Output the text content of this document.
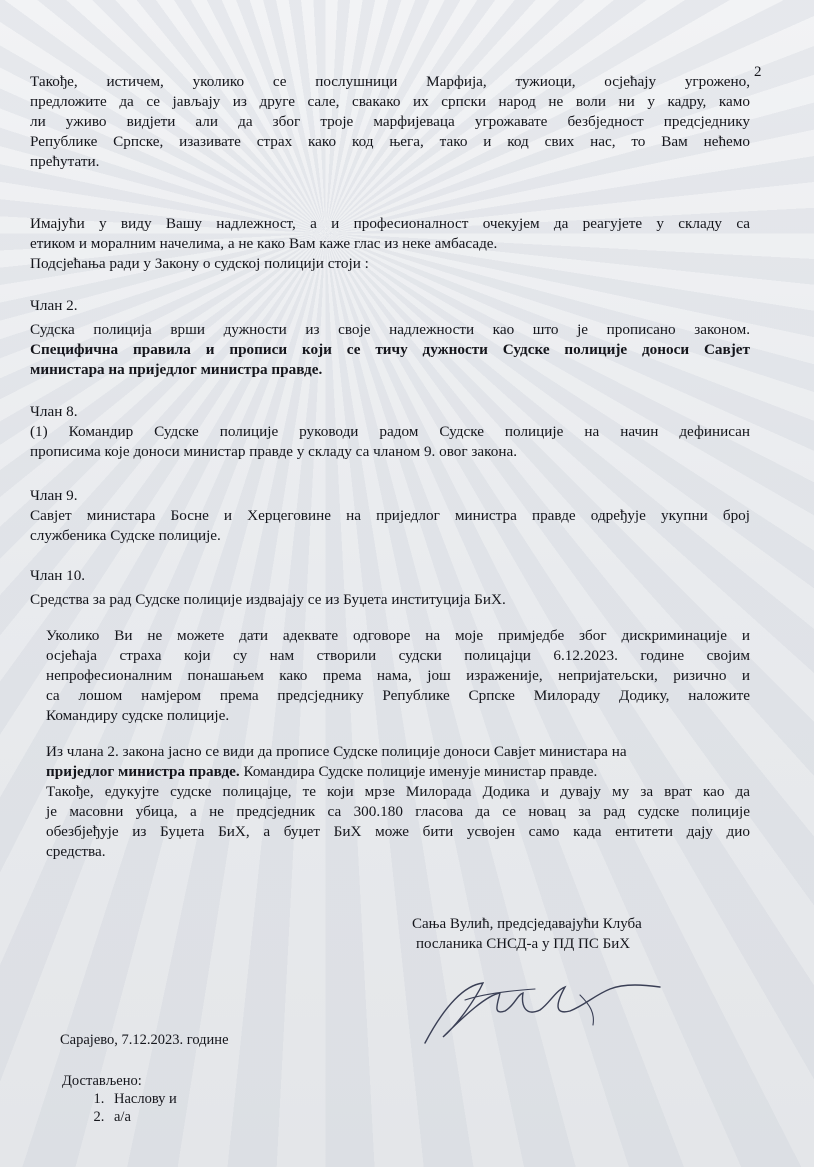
2
Такође, истичем, уколико се послушници Марфија, тужиоци, осјећају угрожено,
предложите да се јављају из друге сале, свакако их српски народ не воли ни у кадру, камо
ли уживо видјети али да због троје марфијеваца угрожавате безбједност предсједнику
Републике Српске, изазивате страх како код њега, тако и код свих нас, то Вам нећемо
прећутати.
Имајући у виду Вашу надлежност, а и професионалност очекујем да реагујете у складу са
етиком и моралним начелима, а не како Вам каже глас из неке амбасаде.
Подсјећања ради у Закону о судској полицији стоји :
Члан 2.
Судска полиција врши дужности из своје надлежности као што је прописано законом.
Специфична правила и прописи који се тичу дужности Судске полиције доноси Савјет
министара на приједлог министра правде.
Члан 8.
(1) Командир Судске полиције руководи радом Судске полиције на начин дефинисан
прописима које доноси министар правде у складу са чланом 9. овог закона.
Члан 9.
Савјет министара Босне и Херцеговине на приједлог министра правде одређује укупни број
службеника Судске полиције.
Члан 10.
Средства за рад Судске полиције издвајају се из Буџета институција БиХ.
Уколико Ви не можете дати адеквате одговоре на моје примједбе због дискриминације и
осјећаја страха који су нам створили судски полицајци 6.12.2023. године својим
непрофесионалним понашањем како према нама, још израженије, непријатељски, ризично и
са лошом намјером према предсједнику Републике Српске Милораду Додику, наложите
Командиру судске полиције.
Из члана 2. закона јасно се види да прописе Судске полиције доноси Савјет министара на
приједлог министра правде. Командира Судске полиције именује министар правде.
Такође, едукујте судске полицајце, те који мрзе Милорада Додика и дувају му за врат као да
је масовни убица, а не предсједник са 300.180 гласова да се новац за рад судске полиције
обезбјеђује из Буџета БиХ, а буџет БиХ може бити усвојен само када ентитети дају дио
средства.
Сања Вулић, предсједавајући Клуба
посланика СНСД-а у ПД ПС БиХ
Сарајево, 7.12.2023. године
Достављено:
1. Наслову и
2. а/а
